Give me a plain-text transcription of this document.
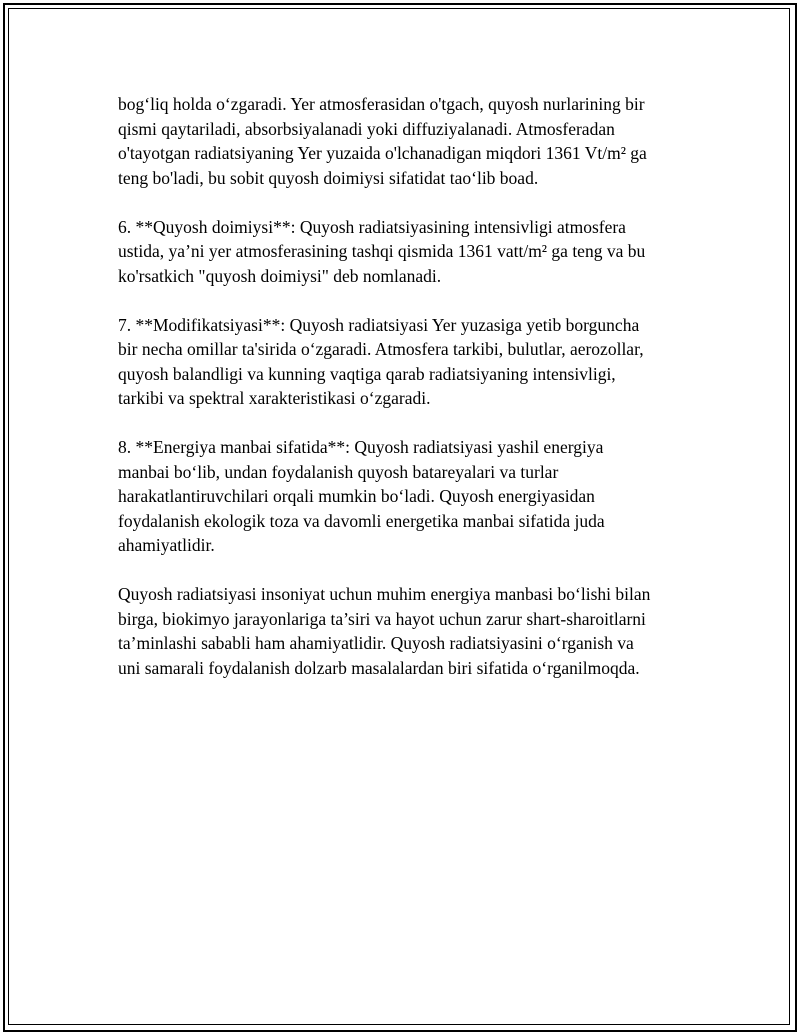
bog‘liq holda o‘zgaradi. Yer atmosferasidan o'tgach, quyosh nurlarining bir
qismi qaytariladi, absorbsiyalanadi yoki diffuziyalanadi. Atmosferadan
o'tayotgan radiatsiyaning Yer yuzaida o'lchanadigan miqdori 1361 Vt/m² ga
teng bo'ladi, bu sobit quyosh doimiysi sifatidat tao‘lib boad.

6. **Quyosh doimiysi**: Quyosh radiatsiyasining intensivligi atmosfera
ustida, ya’ni yer atmosferasining tashqi qismida 1361 vatt/m² ga teng va bu
ko'rsatkich "quyosh doimiysi" deb nomlanadi.

7. **Modifikatsiyasi**: Quyosh radiatsiyasi Yer yuzasiga yetib borguncha
bir necha omillar ta'sirida o‘zgaradi. Atmosfera tarkibi, bulutlar, aerozollar,
quyosh balandligi va kunning vaqtiga qarab radiatsiyaning intensivligi,
tarkibi va spektral xarakteristikasi o‘zgaradi.

8. **Energiya manbai sifatida**: Quyosh radiatsiyasi yashil energiya
manbai bo‘lib, undan foydalanish quyosh batareyalari va turlar
harakatlantiruvchilari orqali mumkin bo‘ladi. Quyosh energiyasidan
foydalanish ekologik toza va davomli energetika manbai sifatida juda
ahamiyatlidir.

Quyosh radiatsiyasi insoniyat uchun muhim energiya manbasi bo‘lishi bilan
birga, biokimyo jarayonlariga ta’siri va hayot uchun zarur shart-sharoitlarni
ta’minlashi sababli ham ahamiyatlidir. Quyosh radiatsiyasini o‘rganish va
uni samarali foydalanish dolzarb masalalardan biri sifatida o‘rganilmoqda.
